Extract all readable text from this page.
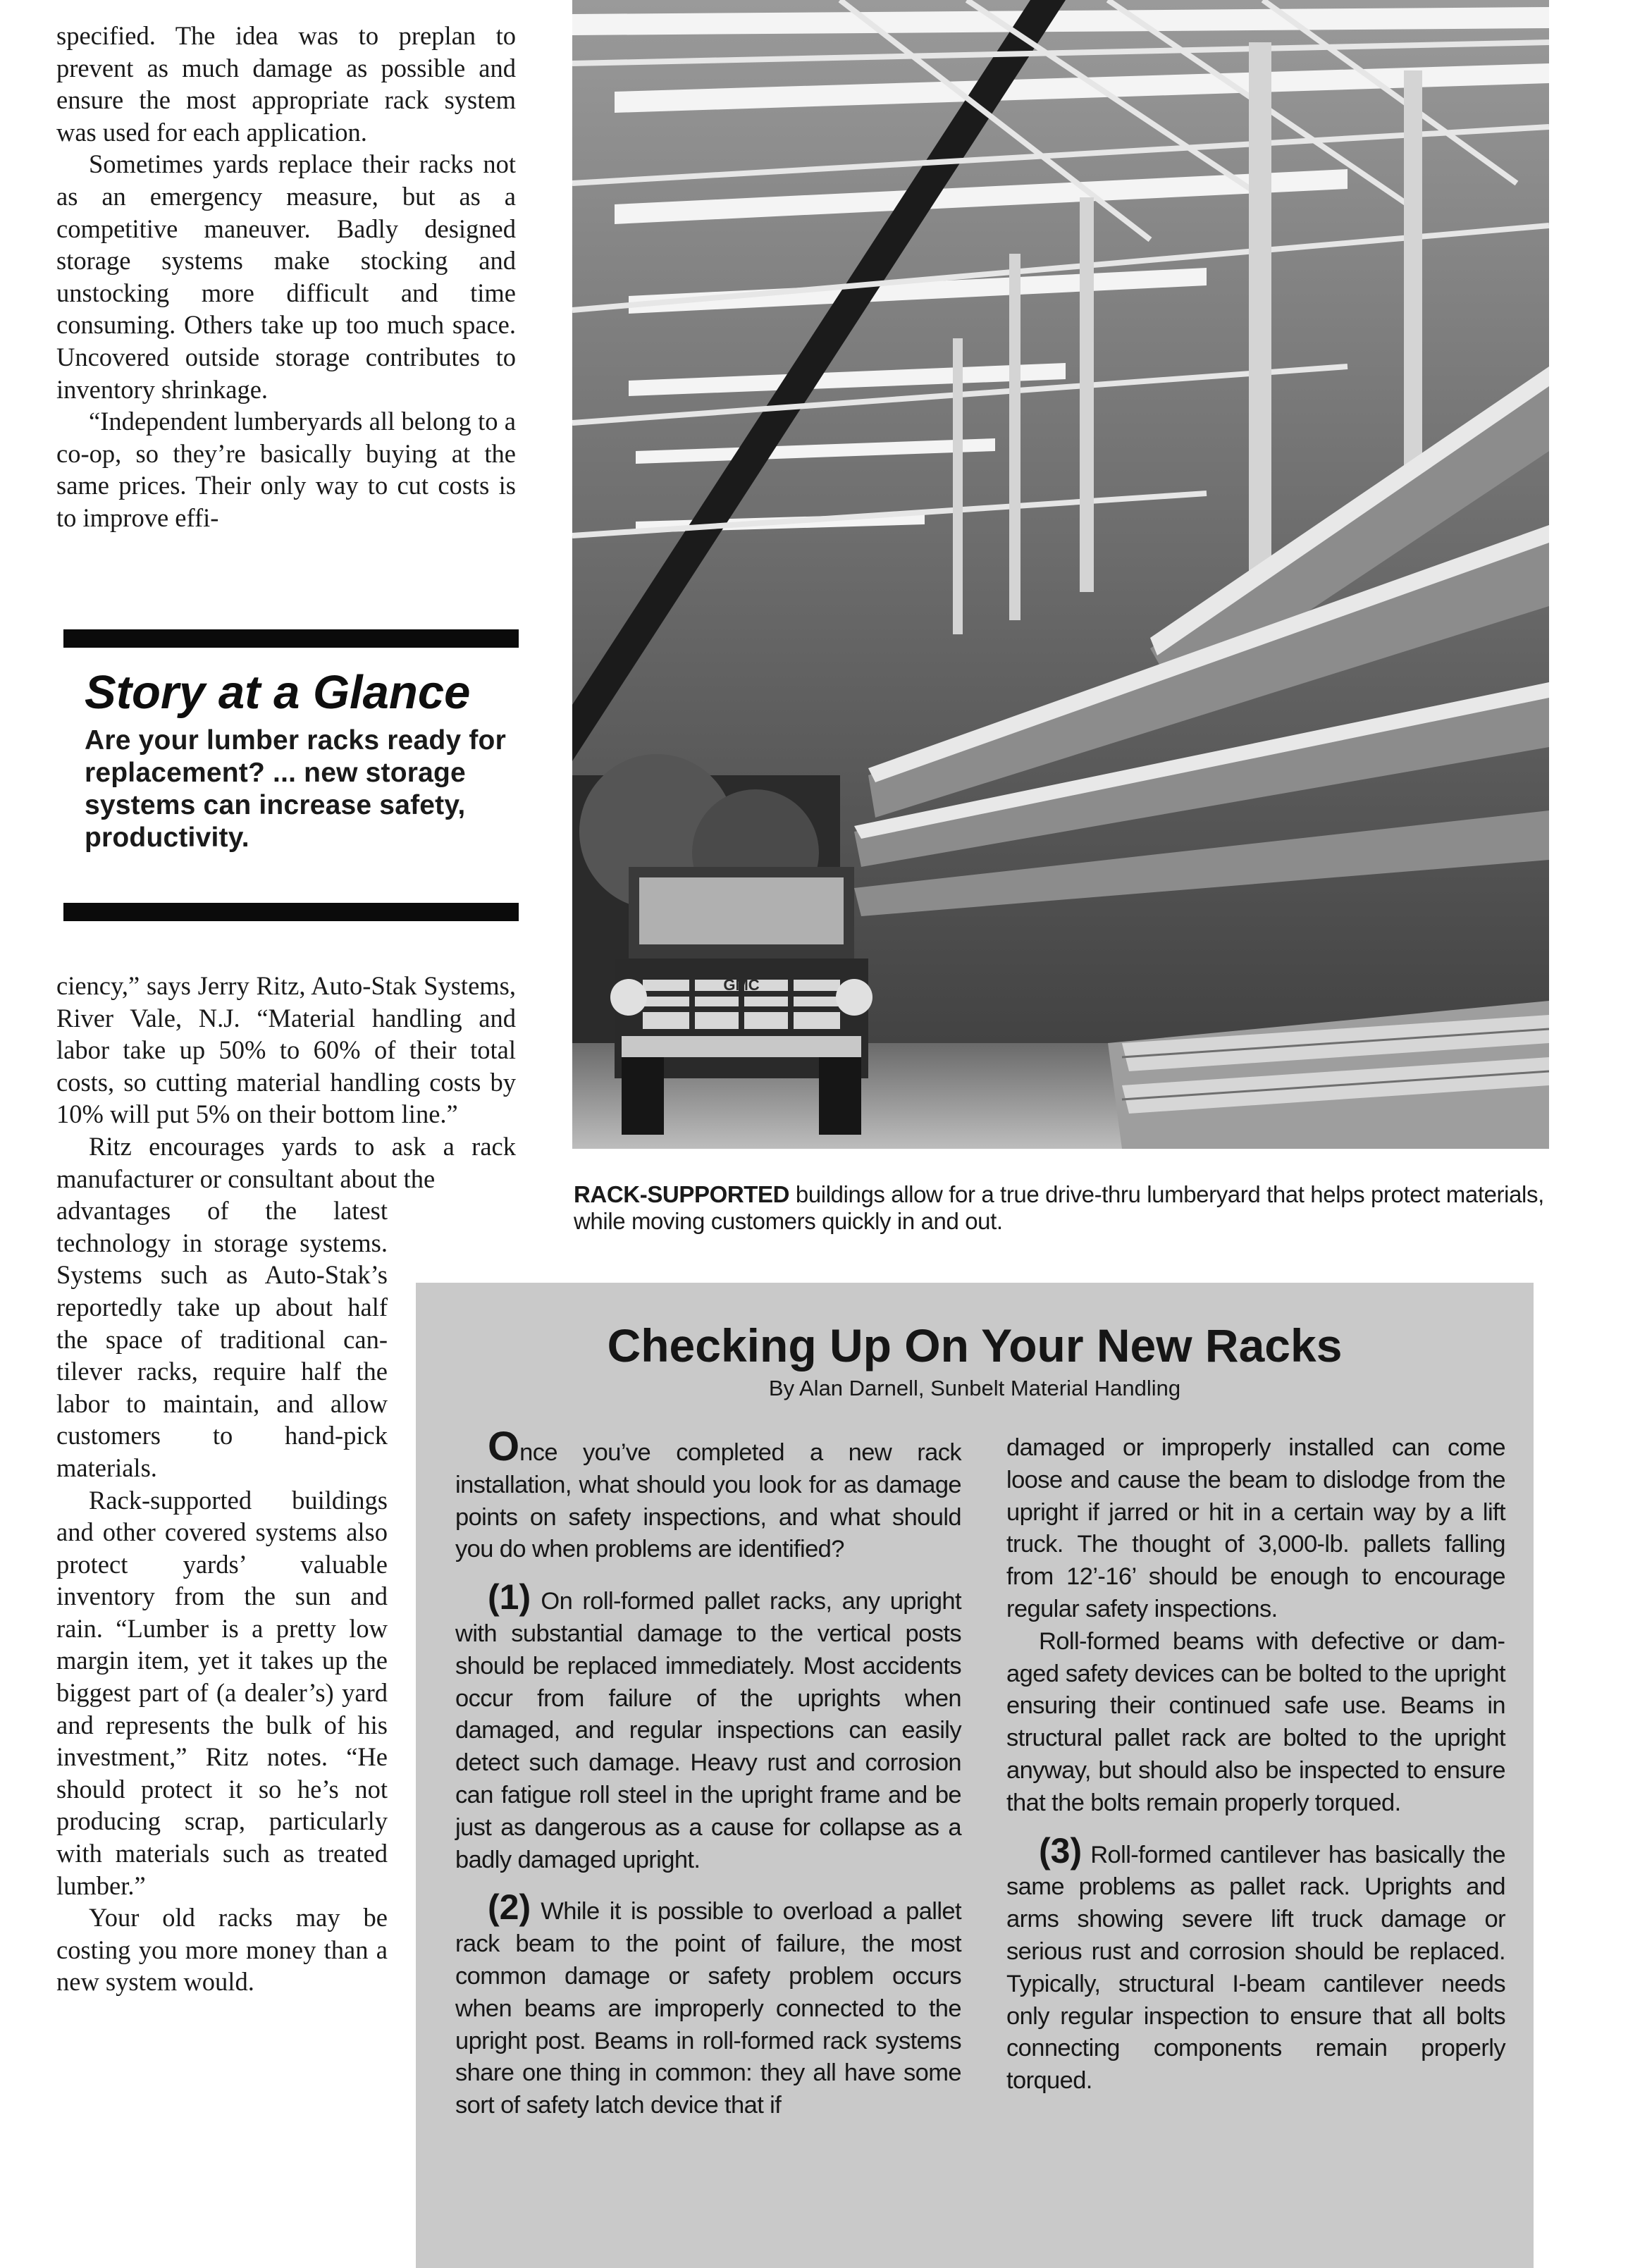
specified. The idea was to preplan to prevent as much damage as possible and ensure the most appropriate rack system was used for each application.

Sometimes yards replace their racks not as an emergency measure, but as a competitive maneuver. Badly designed storage systems make stocking and unstocking more difficult and time consuming. Others take up too much space. Uncovered outside storage contributes to inventory shrinkage.

“Independent lumberyards all belong to a co-op, so they’re basically buying at the same prices. Their only way to cut costs is to improve effi-

Story at a Glance

Are your lumber racks ready for replacement? ... new storage systems can increase safety, productivity.

ciency,” says Jerry Ritz, Auto-Stak Systems, River Vale, N.J. “Material handling and labor take up 50% to 60% of their total costs, so cutting material handling costs by 10% will put 5% on their bottom line.”

Ritz encourages yards to ask a rack manufacturer or consultant about the

advantages of the latest technology in storage systems. Systems such as Auto-Stak’s reportedly take up about half the space of traditional cantilever racks, require half the labor to maintain, and allow customers to hand-pick materials.

Rack-supported buildings and other covered systems also protect yards’ valuable inventory from the sun and rain. “Lumber is a pretty low margin item, yet it takes up the biggest part of (a dealer’s) yard and represents the bulk of his investment,” Ritz notes. “He should protect it so he’s not producing scrap, particularly with materials such as treated lumber.”

Your old racks may be costing you more money than a new system would.

GMC
RACK-SUPPORTED buildings allow for a true drive-thru lumberyard that helps protect materials, while moving customers quickly in and out.
Checking Up On Your New Racks

By Alan Darnell, Sunbelt Material Handling

Once you’ve completed a new rack installation, what should you look for as damage points on safety inspections, and what should you do when problems are identified?

(1) On roll-formed pallet racks, any upright with substantial damage to the vertical posts should be replaced immediately. Most accidents occur from failure of the uprights when damaged, and regular inspections can easily detect such damage. Heavy rust and corrosion can fatigue roll steel in the upright frame and be just as dangerous as a cause for collapse as a badly damaged upright.

(2) While it is possible to overload a pallet rack beam to the point of failure, the most common damage or safety problem occurs when beams are improperly connected to the upright post. Beams in roll-formed rack systems share one thing in common: they all have some sort of safety latch device that if

damaged or improperly installed can come loose and cause the beam to dislodge from the upright if jarred or hit in a certain way by a lift truck. The thought of 3,000-lb. pallets falling from 12’-16’ should be enough to encourage regular safety inspections.

Roll-formed beams with defective or damaged safety devices can be bolted to the upright ensuring their continued safe use. Beams in structural pallet rack are bolted to the upright anyway, but should also be inspected to ensure that the bolts remain properly torqued.

(3) Roll-formed cantilever has basically the same problems as pallet rack. Uprights and arms showing severe lift truck damage or serious rust and corrosion should be replaced. Typically, structural I-beam cantilever needs only regular inspection to ensure that all bolts connecting components remain properly torqued.
